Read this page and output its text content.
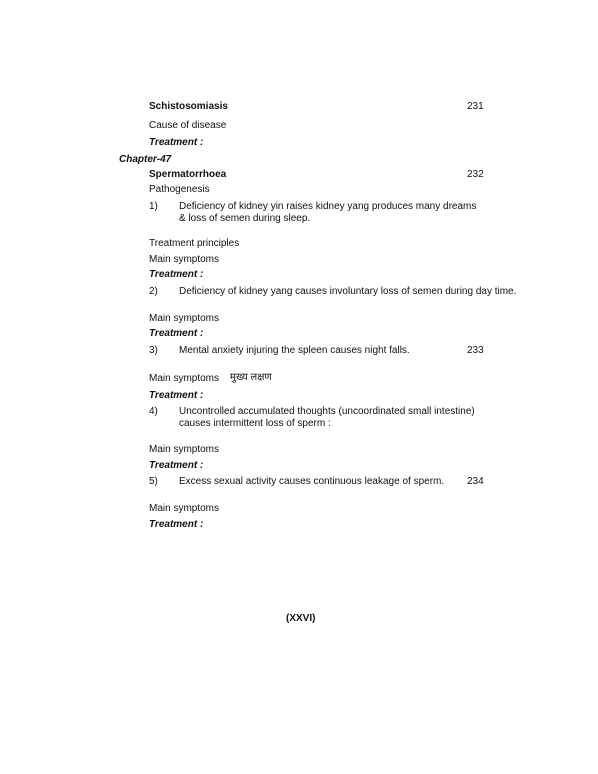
Schistosomiasis	231
Cause of disease
Treatment :
Chapter-47
Spermatorrhoea	232
Pathogenesis
1) Deficiency of kidney yin raises kidney yang produces many dreams & loss of semen during sleep.
Treatment principles
Main symptoms
Treatment :
2) Deficiency of kidney yang causes involuntary loss of semen during day time.
Main symptoms
Treatment :
3) Mental anxiety injuring the spleen causes night falls.	233
Main symptoms मुख्य लक्षण
Treatment :
4) Uncontrolled accumulated thoughts (uncoordinated small intestine) causes intermittent loss of sperm :
Main symptoms
Treatment :
5) Excess sexual activity causes continuous leakage of sperm. 234
Main symptoms
Treatment :
(XXVI)
